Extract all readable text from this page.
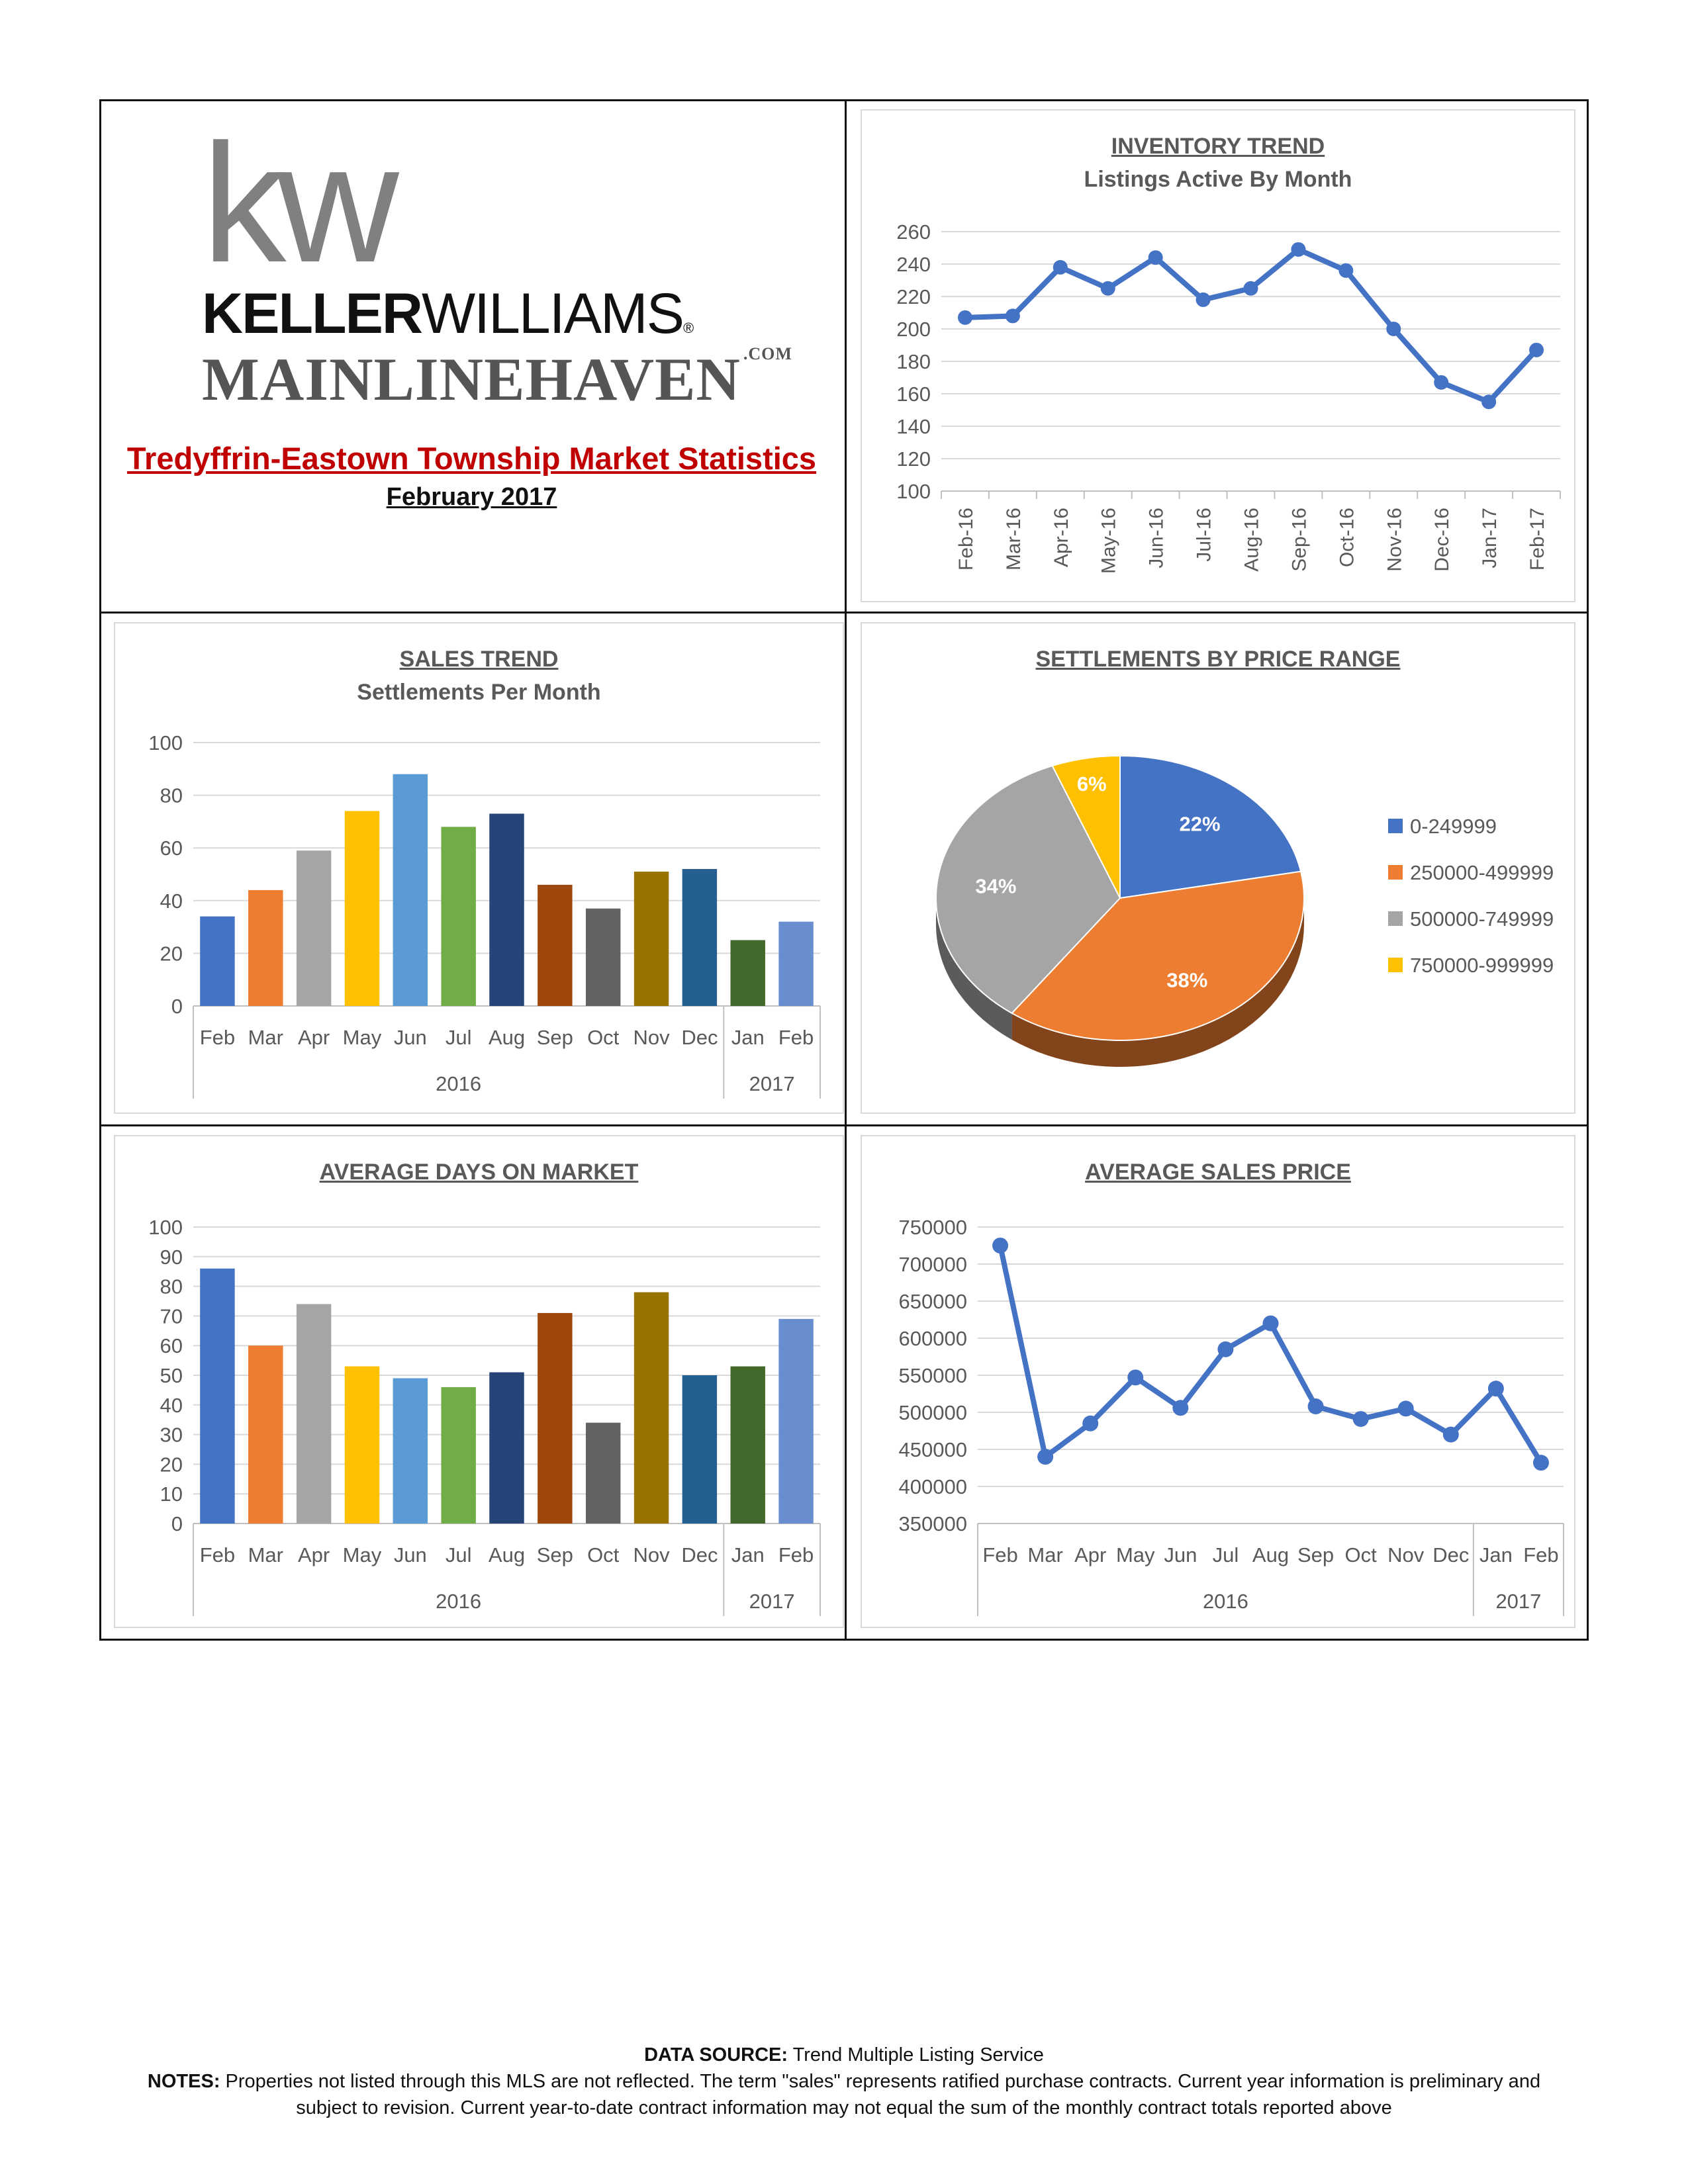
kw
KELLERWILLIAMS®
MAINLINEHAVEN $^{.COM}$
Tredyffrin-Eastown Township Market Statistics
February 2017
INVENTORY TREND
Listings Active By Month
100
120
140
160
180
200
220
240
260
Feb-16 Mar-16 Apr-16 May-16 Jun-16 Jul-16 Aug-16 Sep-16 Oct-16 Nov-16 Dec-16 Jan-17 Feb-17
SALES TREND
Settlements Per Month
0
20
40
60
80
100
Feb Mar Apr May Jun Jul Aug Sep Oct Nov Dec Jan Feb
2016	2017
SETTLEMENTS BY PRICE RANGE
22%
38%
34%
6%
0-249999
250000-499999
500000-749999
750000-999999
AVERAGE DAYS ON MARKET
0
10
20
30
40
50
60
70
80
90
100
Feb Mar Apr May Jun Jul Aug Sep Oct Nov Dec Jan Feb
2016	2017
AVERAGE SALES PRICE
350000
400000
450000
500000
550000
600000
650000
700000
750000
Feb Mar Apr May Jun Jul Aug Sep Oct Nov Dec Jan Feb
2016	2017
DATA SOURCE: Trend Multiple Listing Service
NOTES: Properties not listed through this MLS are not reflected. The term "sales" represents ratified purchase contracts. Current year information is preliminary and
subject to revision. Current year-to-date contract information may not equal the sum of the monthly contract totals reported above
